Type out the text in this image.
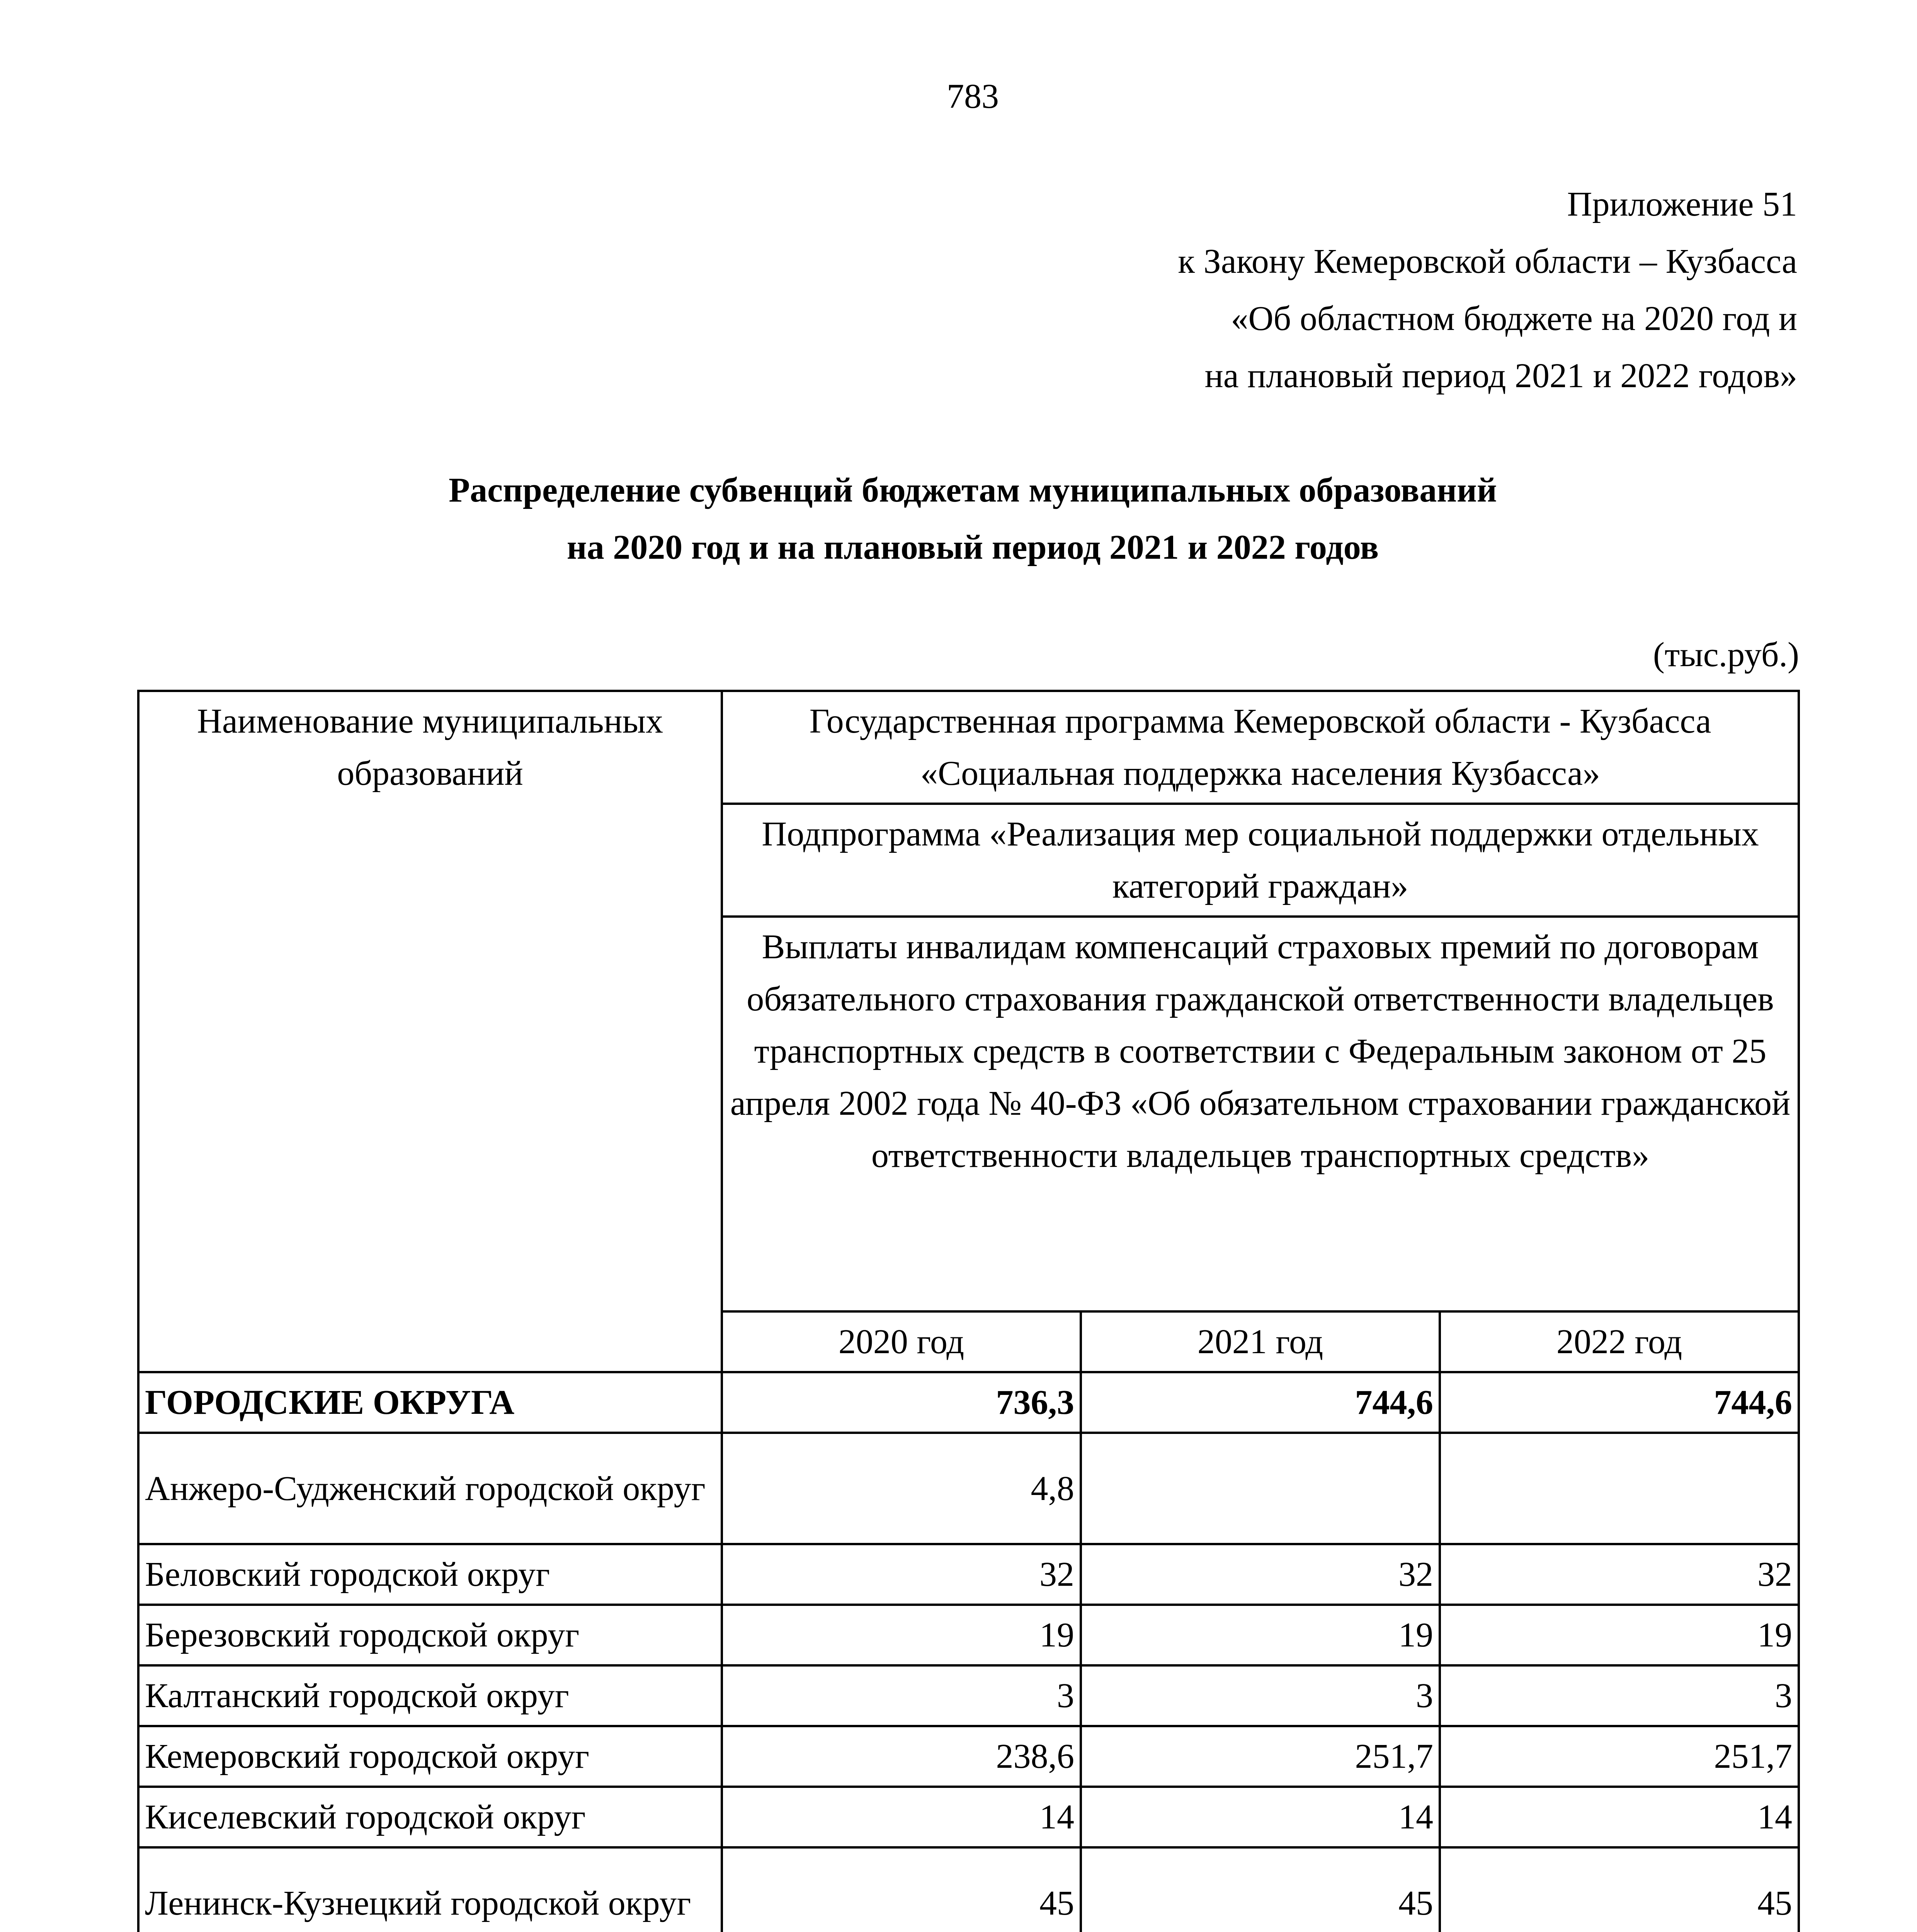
783
Приложение 51
к Закону Кемеровской области – Кузбасса
«Об областном бюджете на 2020 год и
на плановый период 2021 и 2022 годов»
Распределение субвенций бюджетам муниципальных образований
на 2020 год и на плановый период 2021 и 2022 годов
(тыс.руб.)
Наименование муниципальных образований	Государственная программа Кемеровской области - Кузбасса «Социальная поддержка населения Кузбасса»		
	Подпрограмма «Реализация мер социальной поддержки отдельных категорий граждан»		
	Выплаты инвалидам компенсаций страховых премий по договорам обязательного страхования гражданской ответственности владельцев транспортных средств в соответствии с Федеральным законом от 25 апреля 2002 года № 40-ФЗ «Об обязательном страховании гражданской ответственности владельцев транспортных средств»		
	2020 год	2021 год	2022 год
ГОРОДСКИЕ ОКРУГА	736,3	744,6	744,6
Анжеро-Судженский городской округ	4,8		
Беловский городской округ	32	32	32
Березовский городской округ	19	19	19
Калтанский городской округ	3	3	3
Кемеровский городской округ	238,6	251,7	251,7
Киселевский городской округ	14	14	14
Ленинск-Кузнецкий городской округ	45	45	45
